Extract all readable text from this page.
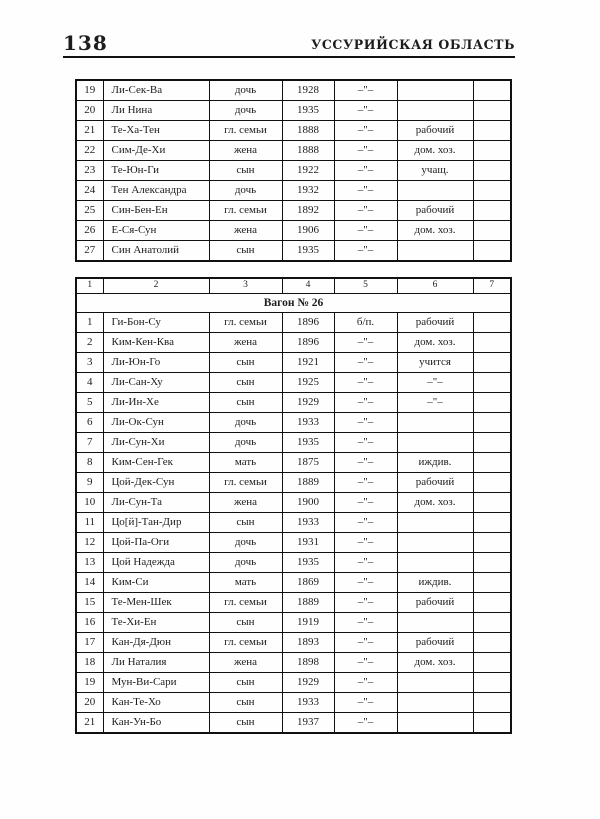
138	УССУРИЙСКАЯ ОБЛАСТЬ
19	Ли-Сек-Ва	дочь	1928	–"–		
20	Ли Нина	дочь	1935	–"–		
21	Те-Ха-Тен	гл. семьи	1888	–"–	рабочий	
22	Сим-Де-Хи	жена	1888	–"–	дом. хоз.	
23	Те-Юн-Ги	сын	1922	–"–	учащ.	
24	Тен Александра	дочь	1932	–"–		
25	Син-Бен-Ен	гл. семьи	1892	–"–	рабочий	
26	Е-Ся-Сун	жена	1906	–"–	дом. хоз.	
27	Син Анатолий	сын	1935	–"–		
1	2	3	4	5	6	7
Вагон № 26						
1	Ги-Бон-Су	гл. семьи	1896	б/п.	рабочий	
2	Ким-Кен-Ква	жена	1896	–"–	дом. хоз.	
3	Ли-Юн-Го	сын	1921	–"–	учится	
4	Ли-Сан-Ху	сын	1925	–"–	–"–	
5	Ли-Ин-Хе	сын	1929	–"–	–"–	
6	Ли-Ок-Сун	дочь	1933	–"–		
7	Ли-Сун-Хи	дочь	1935	–"–		
8	Ким-Сен-Гек	мать	1875	–"–	иждив.	
9	Цой-Дек-Сун	гл. семьи	1889	–"–	рабочий	
10	Ли-Сун-Та	жена	1900	–"–	дом. хоз.	
11	Цо[й]-Тан-Дир	сын	1933	–"–		
12	Цой-Па-Оги	дочь	1931	–"–		
13	Цой Надежда	дочь	1935	–"–		
14	Ким-Си	мать	1869	–"–	иждив.	
15	Те-Мен-Шек	гл. семьи	1889	–"–	рабочий	
16	Те-Хи-Ен	сын	1919	–"–		
17	Кан-Дя-Дюн	гл. семьи	1893	–"–	рабочий	
18	Ли Наталия	жена	1898	–"–	дом. хоз.	
19	Мун-Ви-Сари	сын	1929	–"–		
20	Кан-Те-Хо	сын	1933	–"–		
21	Кан-Ун-Бо	сын	1937	–"–		
